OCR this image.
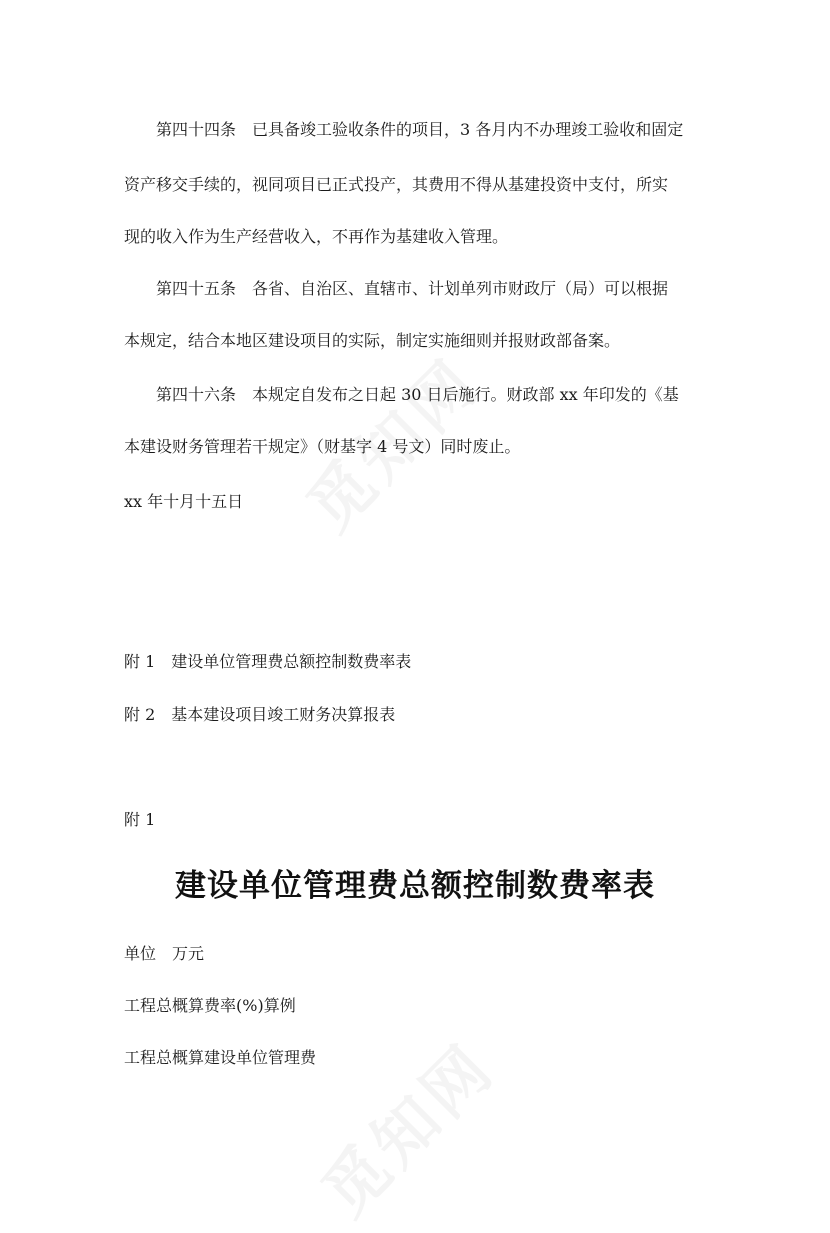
第四十四条　已具备竣工验收条件的项目，3 各月内不办理竣工验收和固定
资产移交手续的，视同项目已正式投产，其费用不得从基建投资中支付，所实
现的收入作为生产经营收入，不再作为基建收入管理。
第四十五条　各省、自治区、直辖市、计划单列市财政厅（局）可以根据
本规定，结合本地区建设项目的实际，制定实施细则并报财政部备案。
第四十六条　本规定自发布之日起 30 日后施行。财政部 xx 年印发的《基
本建设财务管理若干规定》（财基字 4 号文）同时废止。
xx 年十月十五日
附 1　建设单位管理费总额控制数费率表
附 2　基本建设项目竣工财务决算报表
附 1
建设单位管理费总额控制数费率表
单位　万元
工程总概算费率(%)算例
工程总概算建设单位管理费
